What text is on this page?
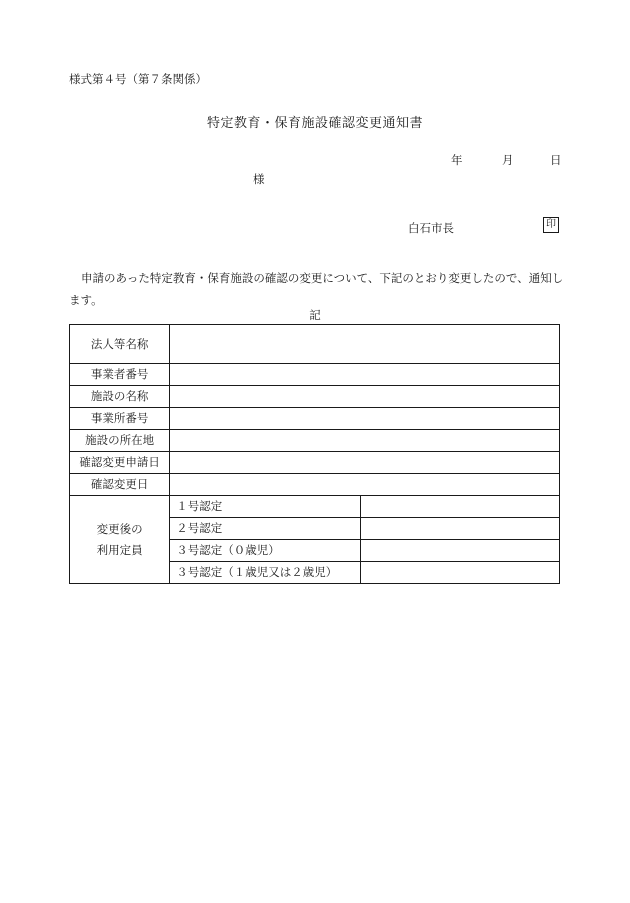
様式第４号（第７条関係）
特定教育・保育施設確認変更通知書
年	月	日
様
白石市長	印
申請のあった特定教育・保育施設の確認の変更について、下記のとおり変更したので、通知します。
記
法人等名称		
事業者番号		
施設の名称		
事業所番号		
施設の所在地		
確認変更申請日		
確認変更日		

変更後の
利用定員	１号認定	
	２号認定	
	３号認定（０歳児）	
	３号認定（１歳児又は２歳児）	
